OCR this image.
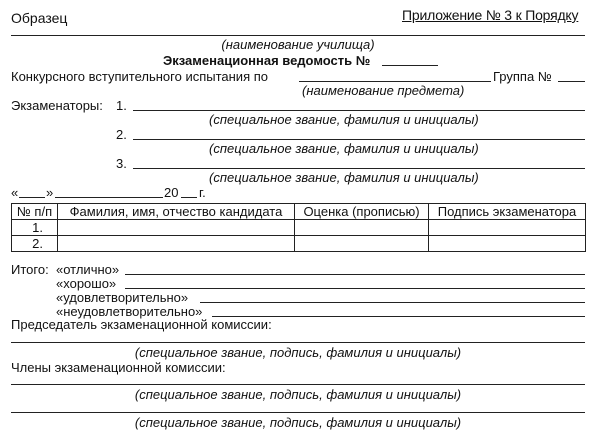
Образец	Приложение № 3 к Порядку
(наименование училища)
Экзаменационная ведомость №
Конкурсного вступительного испытания по	Группа №
(наименование предмета)
Экзаменаторы: 1.
(специальное звание, фамилия и инициалы)
2.
(специальное звание, фамилия и инициалы)
3.
(специальное звание, фамилия и инициалы)
« »	20 г.
№ п/п	Фамилия, имя, отчество кандидата	Оценка (прописью)	Подпись экзаменатора
1.			
2.			
Итого: «отлично»
«хорошо»
«удовлетворительно»
«неудовлетворительно»
Председатель экзаменационной комиссии:
(специальное звание, подпись, фамилия и инициалы)
Члены экзаменационной комиссии:
(специальное звание, подпись, фамилия и инициалы)
(специальное звание, подпись, фамилия и инициалы)
